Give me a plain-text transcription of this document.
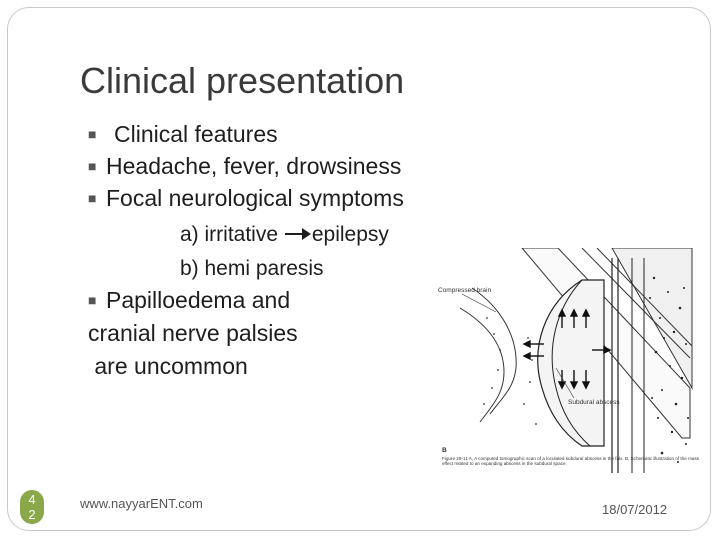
Clinical presentation
■ Clinical features
■ Headache, fever, drowsiness
■ Focal neurological symptoms
a) irritative epilepsy
b) hemi paresis
■ Papilloedema and
cranial nerve palsies
are uncommon
Compressed brain
Subdural abscess
B
Figure 29-11 A, A computed tomographic scan of a loculated subdural abscess in the falx. B, Schematic illustration of the mass effect related to an expanding abscess in the subdural space.
4
2
www.nayyarENT.com	18/07/2012
